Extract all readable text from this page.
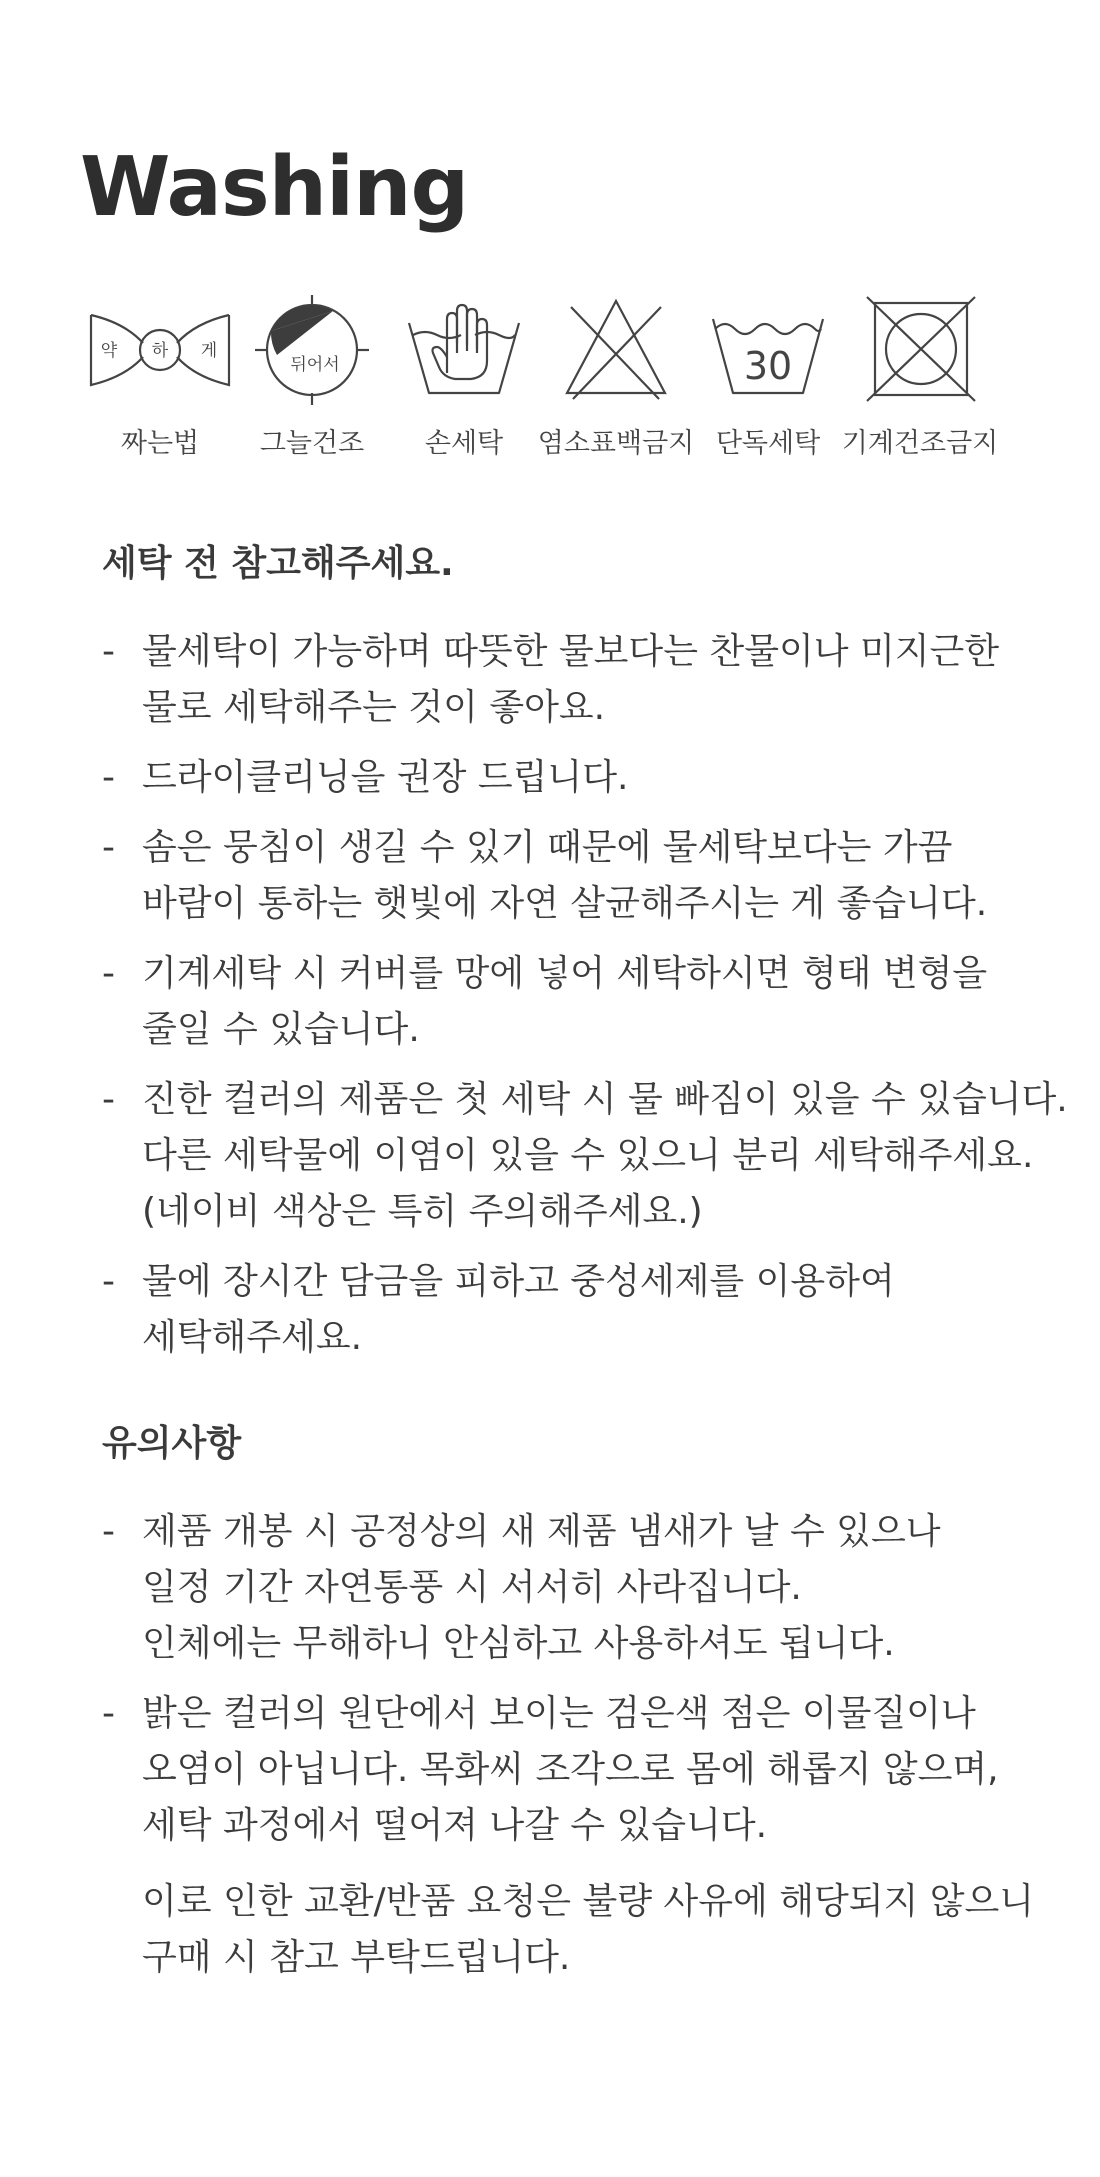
Washing
약 하 게
짜는법
뒤어서
그늘건조	손세탁	염소표백금지
30
단독세탁 기계건조금지
세탁 전 참고해주세요.
- 물세탁이 가능하며 따뜻한 물보다는 찬물이나 미지근한
물로 세탁해주는 것이 좋아요.
- 드라이클리닝을 권장 드립니다.
- 솜은 뭉침이 생길 수 있기 때문에 물세탁보다는 가끔
바람이 통하는 햇빛에 자연 살균해주시는 게 좋습니다.
- 기계세탁 시 커버를 망에 넣어 세탁하시면 형태 변형을
줄일 수 있습니다.
- 진한 컬러의 제품은 첫 세탁 시 물 빠짐이 있을 수 있습니다.
다른 세탁물에 이염이 있을 수 있으니 분리 세탁해주세요.
(네이비 색상은 특히 주의해주세요.)
- 물에 장시간 담금을 피하고 중성세제를 이용하여
세탁해주세요.
유의사항
- 제품 개봉 시 공정상의 새 제품 냄새가 날 수 있으나
일정 기간 자연통풍 시 서서히 사라집니다.
인체에는 무해하니 안심하고 사용하셔도 됩니다.
- 밝은 컬러의 원단에서 보이는 검은색 점은 이물질이나
오염이 아닙니다. 목화씨 조각으로 몸에 해롭지 않으며,
세탁 과정에서 떨어져 나갈 수 있습니다.
이로 인한 교환/반품 요청은 불량 사유에 해당되지 않으니
구매 시 참고 부탁드립니다.
